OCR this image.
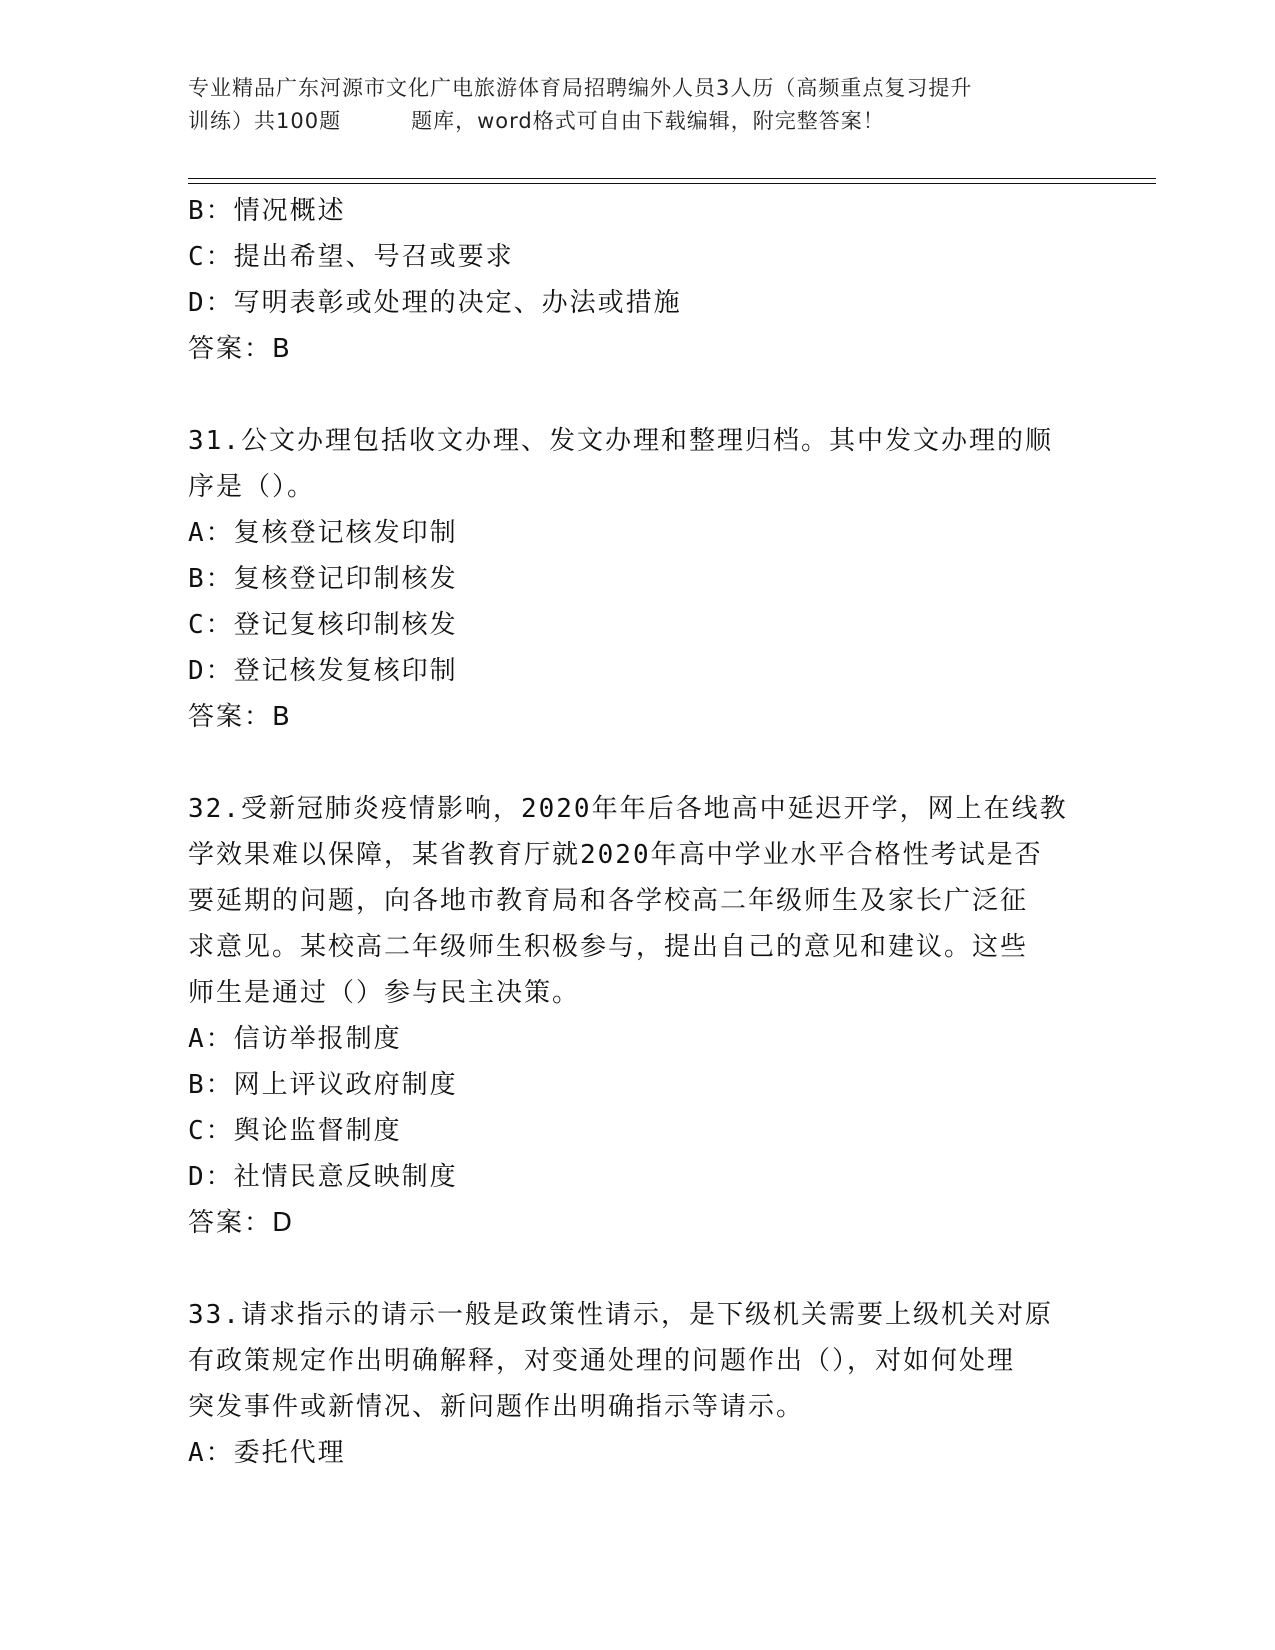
专业精品广东河源市文化广电旅游体育局招聘编外人员3人历（高频重点复习提升
训练）共100题	题库，word格式可自由下载编辑，附完整答案！
B：情况概述
C：提出希望、号召或要求
D：写明表彰或处理的决定、办法或措施
答案：B
31.公文办理包括收文办理、发文办理和整理归档。其中发文办理的顺
序是（）。
A：复核登记核发印制
B：复核登记印制核发
C：登记复核印制核发
D：登记核发复核印制
答案：B
32.受新冠肺炎疫情影响，2020年年后各地高中延迟开学，网上在线教
学效果难以保障，某省教育厅就2020年高中学业水平合格性考试是否
要延期的问题，向各地市教育局和各学校高二年级师生及家长广泛征
求意见。某校高二年级师生积极参与，提出自己的意见和建议。这些
师生是通过（）参与民主决策。
A：信访举报制度
B：网上评议政府制度
C：舆论监督制度
D：社情民意反映制度
答案：D
33.请求指示的请示一般是政策性请示，是下级机关需要上级机关对原
有政策规定作出明确解释，对变通处理的问题作出（），对如何处理
突发事件或新情况、新问题作出明确指示等请示。
A：委托代理
